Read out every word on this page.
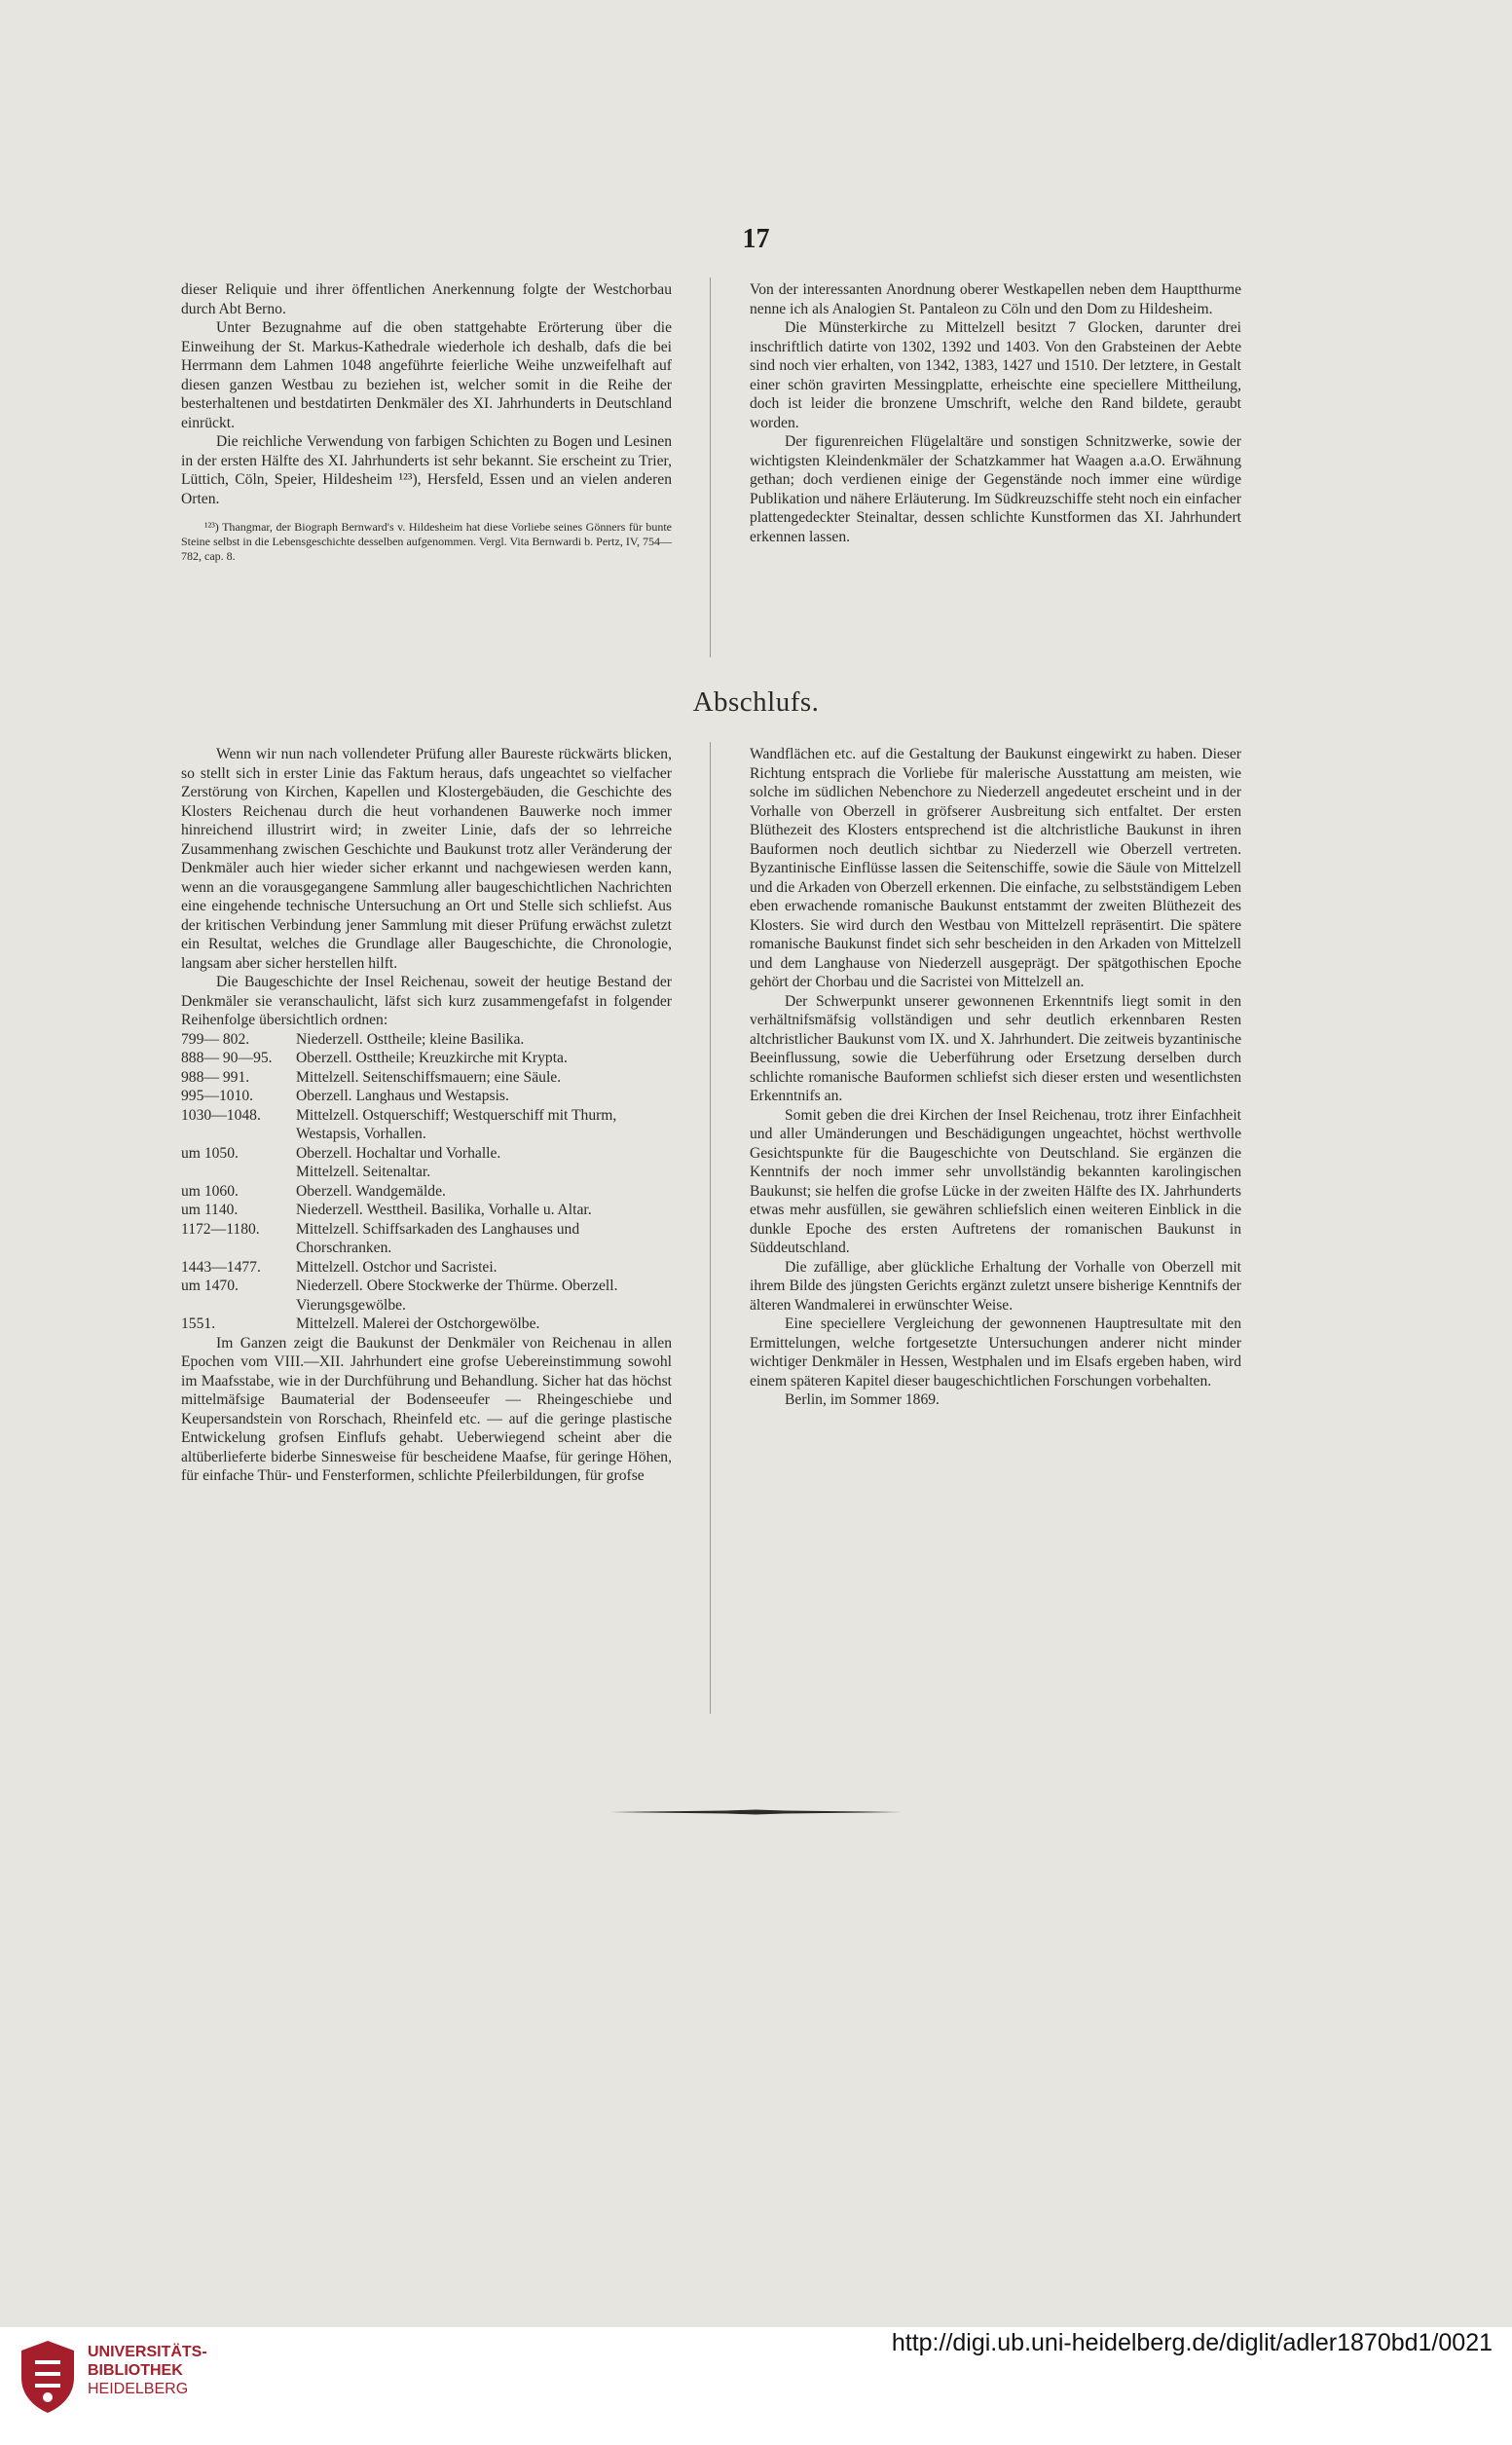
17

dieser Reliquie und ihrer öffentlichen Anerkennung folgte der Westchorbau durch Abt Berno.

Unter Bezugnahme auf die oben stattgehabte Erörterung über die Einweihung der St. Markus-Kathedrale wiederhole ich deshalb, dafs die bei Herrmann dem Lahmen 1048 angeführte feierliche Weihe unzweifelhaft auf diesen ganzen Westbau zu beziehen ist, welcher somit in die Reihe der besterhaltenen und bestdatirten Denkmäler des XI. Jahrhunderts in Deutschland einrückt.

Die reichliche Verwendung von farbigen Schichten zu Bogen und Lesinen in der ersten Hälfte des XI. Jahrhunderts ist sehr bekannt. Sie erscheint zu Trier, Lüttich, Cöln, Speier, Hildesheim ¹²³), Hersfeld, Essen und an vielen anderen Orten.

¹²³) Thangmar, der Biograph Bernward's v. Hildesheim hat diese Vorliebe seines Gönners für bunte Steine selbst in die Lebensgeschichte desselben aufgenommen. Vergl. Vita Bernwardi b. Pertz, IV, 754—782, cap. 8.

Von der interessanten Anordnung oberer Westkapellen neben dem Hauptthurme nenne ich als Analogien St. Pantaleon zu Cöln und den Dom zu Hildesheim.

Die Münsterkirche zu Mittelzell besitzt 7 Glocken, darunter drei inschriftlich datirte von 1302, 1392 und 1403. Von den Grabsteinen der Aebte sind noch vier erhalten, von 1342, 1383, 1427 und 1510. Der letztere, in Gestalt einer schön gravirten Messingplatte, erheischte eine speciellere Mittheilung, doch ist leider die bronzene Umschrift, welche den Rand bildete, geraubt worden.

Der figurenreichen Flügelaltäre und sonstigen Schnitzwerke, sowie der wichtigsten Kleindenkmäler der Schatzkammer hat Waagen a.a.O. Erwähnung gethan; doch verdienen einige der Gegenstände noch immer eine würdige Publikation und nähere Erläuterung. Im Südkreuzschiffe steht noch ein einfacher plattengedeckter Steinaltar, dessen schlichte Kunstformen das XI. Jahrhundert erkennen lassen.

Abschlufs.

Wenn wir nun nach vollendeter Prüfung aller Baureste rückwärts blicken, so stellt sich in erster Linie das Faktum heraus, dafs ungeachtet so vielfacher Zerstörung von Kirchen, Kapellen und Klostergebäuden, die Geschichte des Klosters Reichenau durch die heut vorhandenen Bauwerke noch immer hinreichend illustrirt wird; in zweiter Linie, dafs der so lehrreiche Zusammenhang zwischen Geschichte und Baukunst trotz aller Veränderung der Denkmäler auch hier wieder sicher erkannt und nachgewiesen werden kann, wenn an die vorausgegangene Sammlung aller baugeschichtlichen Nachrichten eine eingehende technische Untersuchung an Ort und Stelle sich schliefst. Aus der kritischen Verbindung jener Sammlung mit dieser Prüfung erwächst zuletzt ein Resultat, welches die Grundlage aller Baugeschichte, die Chronologie, langsam aber sicher herstellen hilft.

Die Baugeschichte der Insel Reichenau, soweit der heutige Bestand der Denkmäler sie veranschaulicht, läfst sich kurz zusammengefafst in folgender Reihenfolge übersichtlich ordnen:

799— 802.	Niederzell. Osttheile; kleine Basilika.
888— 90—95.	Oberzell. Osttheile; Kreuzkirche mit Krypta.
988— 991.	Mittelzell. Seitenschiffsmauern; eine Säule.
995—1010.	Oberzell. Langhaus und Westapsis.
1030—1048.	Mittelzell. Ostquerschiff; Westquerschiff mit Thurm, Westapsis, Vorhallen.
um 1050.	Oberzell. Hochaltar und Vorhalle.
Mittelzell. Seitenaltar.
um 1060.	Oberzell. Wandgemälde.
um 1140.	Niederzell. Westtheil. Basilika, Vorhalle u. Altar.
1172—1180.	Mittelzell. Schiffsarkaden des Langhauses und Chorschranken.
1443—1477.	Mittelzell. Ostchor und Sacristei.
um 1470.	Niederzell. Obere Stockwerke der Thürme. Oberzell. Vierungsgewölbe.
1551.	Mittelzell. Malerei der Ostchorgewölbe.

Im Ganzen zeigt die Baukunst der Denkmäler von Reichenau in allen Epochen vom VIII.—XII. Jahrhundert eine grofse Uebereinstimmung sowohl im Maafsstabe, wie in der Durchführung und Behandlung. Sicher hat das höchst mittelmäfsige Baumaterial der Bodenseeufer — Rheingeschiebe und Keupersandstein von Rorschach, Rheinfeld etc. — auf die geringe plastische Entwickelung grofsen Einflufs gehabt. Ueberwiegend scheint aber die altüberlieferte biderbe Sinnesweise für bescheidene Maafse, für geringe Höhen, für einfache Thür- und Fensterformen, schlichte Pfeilerbildungen, für grofse

Wandflächen etc. auf die Gestaltung der Baukunst eingewirkt zu haben. Dieser Richtung entsprach die Vorliebe für malerische Ausstattung am meisten, wie solche im südlichen Nebenchore zu Niederzell angedeutet erscheint und in der Vorhalle von Oberzell in gröfserer Ausbreitung sich entfaltet. Der ersten Blüthezeit des Klosters entsprechend ist die altchristliche Baukunst in ihren Bauformen noch deutlich sichtbar zu Niederzell wie Oberzell vertreten. Byzantinische Einflüsse lassen die Seitenschiffe, sowie die Säule von Mittelzell und die Arkaden von Oberzell erkennen. Die einfache, zu selbstständigem Leben eben erwachende romanische Baukunst entstammt der zweiten Blüthezeit des Klosters. Sie wird durch den Westbau von Mittelzell repräsentirt. Die spätere romanische Baukunst findet sich sehr bescheiden in den Arkaden von Mittelzell und dem Langhause von Niederzell ausgeprägt. Der spätgothischen Epoche gehört der Chorbau und die Sacristei von Mittelzell an.

Der Schwerpunkt unserer gewonnenen Erkenntnifs liegt somit in den verhältnifsmäfsig vollständigen und sehr deutlich erkennbaren Resten altchristlicher Baukunst vom IX. und X. Jahrhundert. Die zeitweis byzantinische Beeinflussung, sowie die Ueberführung oder Ersetzung derselben durch schlichte romanische Bauformen schliefst sich dieser ersten und wesentlichsten Erkenntnifs an.

Somit geben die drei Kirchen der Insel Reichenau, trotz ihrer Einfachheit und aller Umänderungen und Beschädigungen ungeachtet, höchst werthvolle Gesichtspunkte für die Baugeschichte von Deutschland. Sie ergänzen die Kenntnifs der noch immer sehr unvollständig bekannten karolingischen Baukunst; sie helfen die grofse Lücke in der zweiten Hälfte des IX. Jahrhunderts etwas mehr ausfüllen, sie gewähren schliefslich einen weiteren Einblick in die dunkle Epoche des ersten Auftretens der romanischen Baukunst in Süddeutschland.

Die zufällige, aber glückliche Erhaltung der Vorhalle von Oberzell mit ihrem Bilde des jüngsten Gerichts ergänzt zuletzt unsere bisherige Kenntnifs der älteren Wandmalerei in erwünschter Weise.

Eine speciellere Vergleichung der gewonnenen Hauptresultate mit den Ermittelungen, welche fortgesetzte Untersuchungen anderer nicht minder wichtiger Denkmäler in Hessen, Westphalen und im Elsafs ergeben haben, wird einem späteren Kapitel dieser baugeschichtlichen Forschungen vorbehalten.

Berlin, im Sommer 1869.

UNIVERSITÄTS-
BIBLIOTHEK
HEIDELBERG
http://digi.ub.uni-heidelberg.de/diglit/adler1870bd1/0021
